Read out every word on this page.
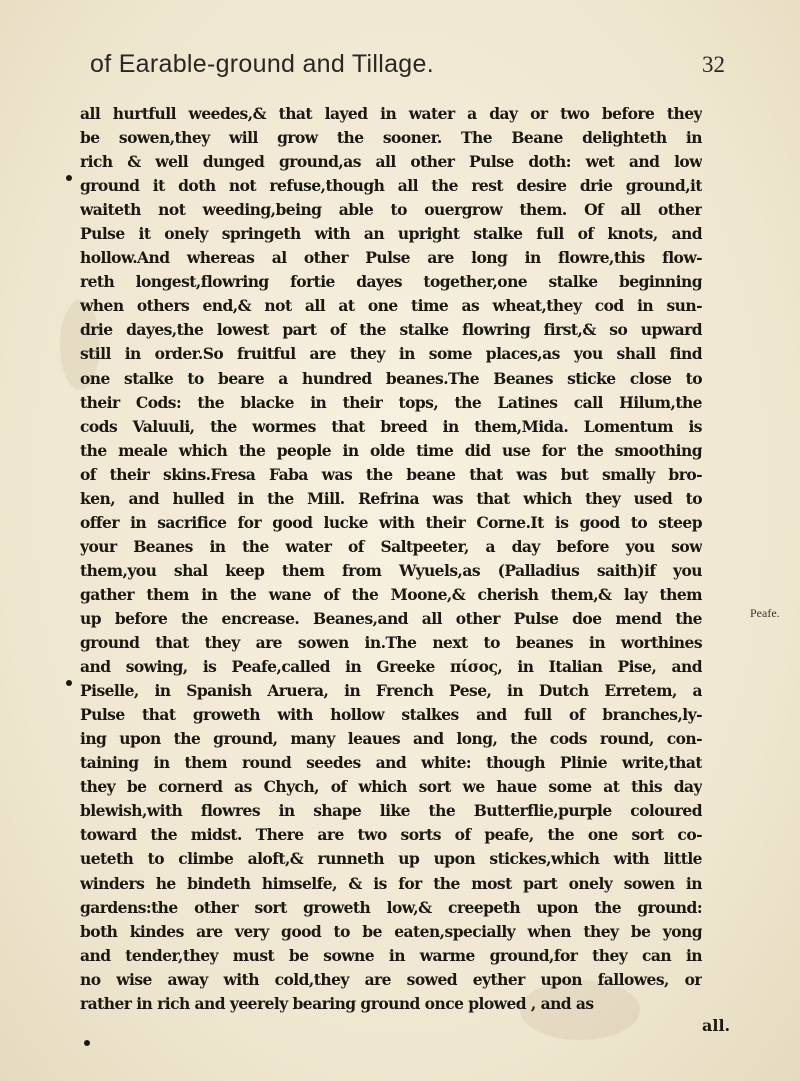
of Earable-ground and Tillage.	32
all hurtfull weedes,& that layed in water a day or two before they
be sowen,they will grow the sooner. The Beane delighteth in
rich & well dunged ground,as all other Pulse doth: wet and low
ground it doth not refuse,though all the rest desire drie ground,it
waiteth not weeding,being able to ouergrow them. Of all other
Pulse it onely springeth with an upright stalke full of knots, and
hollow.And whereas al other Pulse are long in flowre,this flow-
reth longest,flowring fortie dayes together,one stalke beginning
when others end,& not all at one time as wheat,they cod in sun-
drie dayes,the lowest part of the stalke flowring first,& so upward
still in order.So fruitful are they in some places,as you shall find
one stalke to beare a hundred beanes.The Beanes sticke close to
their Cods: the blacke in their tops, the Latines call Hilum,the
cods Valuuli, the wormes that breed in them,Mida. Lomentum is
the meale which the people in olde time did use for the smoothing
of their skins.Fresa Faba was the beane that was but smally bro-
ken, and hulled in the Mill. Refrina was that which they used to
offer in sacrifice for good lucke with their Corne.It is good to steep
your Beanes in the water of Saltpeeter, a day before you sow
them,you shal keep them from Wyuels,as (Palladius saith)if you
gather them in the wane of the Moone,& cherish them,& lay them
up before the encrease. Beanes,and all other Pulse doe mend the
ground that they are sowen in.The next to beanes in worthines
and sowing, is Peafe,called in Greeke πίσος, in Italian Pise, and
Piselle, in Spanish Aruera, in French Pese, in Dutch Erretem, a
Pulse that groweth with hollow stalkes and full of branches,ly-
ing upon the ground, many leaues and long, the cods round, con-
taining in them round seedes and white: though Plinie write,that
they be cornerd as Chych, of which sort we haue some at this day
blewish,with flowres in shape like the Butterflie,purple coloured
toward the midst. There are two sorts of peafe, the one sort co-
ueteth to climbe aloft,& runneth up upon stickes,which with little
winders he bindeth himselfe, & is for the most part onely sowen in
gardens:the other sort groweth low,& creepeth upon the ground:
both kindes are very good to be eaten,specially when they be yong
and tender,they must be sowne in warme ground,for they can in
no wise away with cold,they are sowed eyther upon fallowes, or
rather in rich and yeerely bearing ground once plowed , and as
Peafe.
all.
